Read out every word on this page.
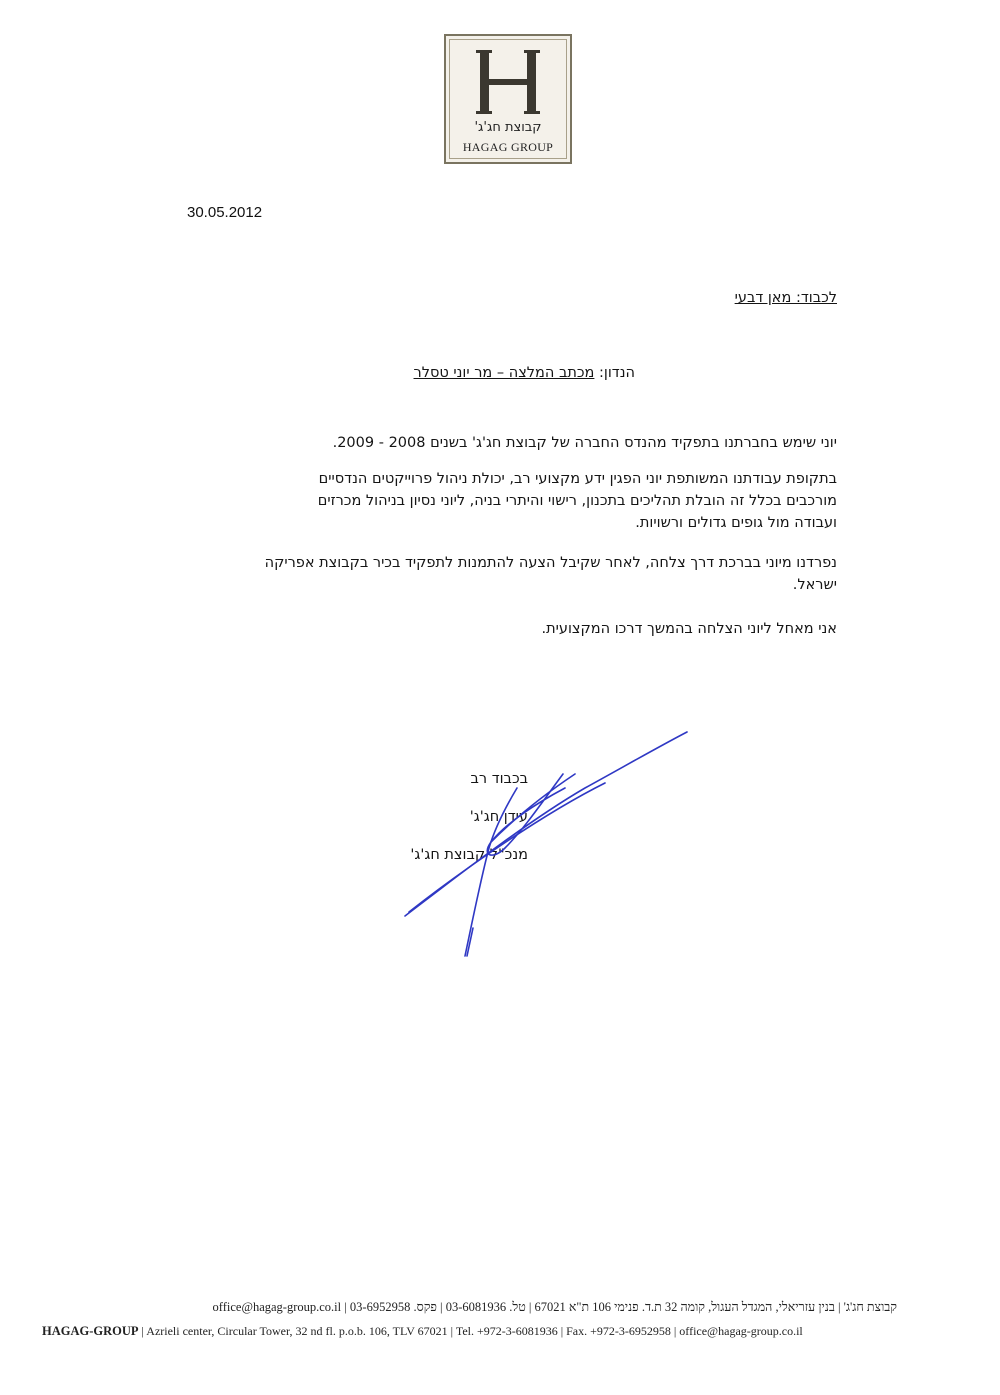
קבוצת חג'ג'
HAGAG GROUP
30.05.2012
לכבוד: מאן דבעי
הנדון: מכתב המלצה – מר יוני טסלר
יוני שימש בחברתנו בתפקיד מהנדס החברה של קבוצת חג'ג' בשנים 2008 - 2009.
בתקופת עבודתנו המשותפת יוני הפגין ידע מקצועי רב, יכולת ניהול פרוייקטים הנדסיים
מורכבים בכלל זה הובלת תהליכים בתכנון, רישוי והיתרי בניה, ליוני נסיון בניהול מכרזים
ועבודה מול גופים גדולים ורשויות.
נפרדנו מיוני בברכת דרך צלחה, לאחר שקיבל הצעה להתמנות לתפקיד בכיר בקבוצת אפריקה
ישראל.
אני מאחל ליוני הצלחה בהמשך דרכו המקצועית.
בכבוד רב
עידן חג'ג'
מנכ"ל קבוצת חג'ג'
קבוצת חג'ג' | בנין עזריאלי, המגדל העגול, קומה 32 ת.ד. פנימי 106 ת"א 67021 | טל. 03-6081936 | פקס. 03-6952958 | office@hagag-group.co.il
HAGAG-GROUP | Azrieli center, Circular Tower, 32 nd fl. p.o.b. 106, TLV 67021 | Tel. +972-3-6081936 | Fax. +972-3-6952958 | office@hagag-group.co.il
